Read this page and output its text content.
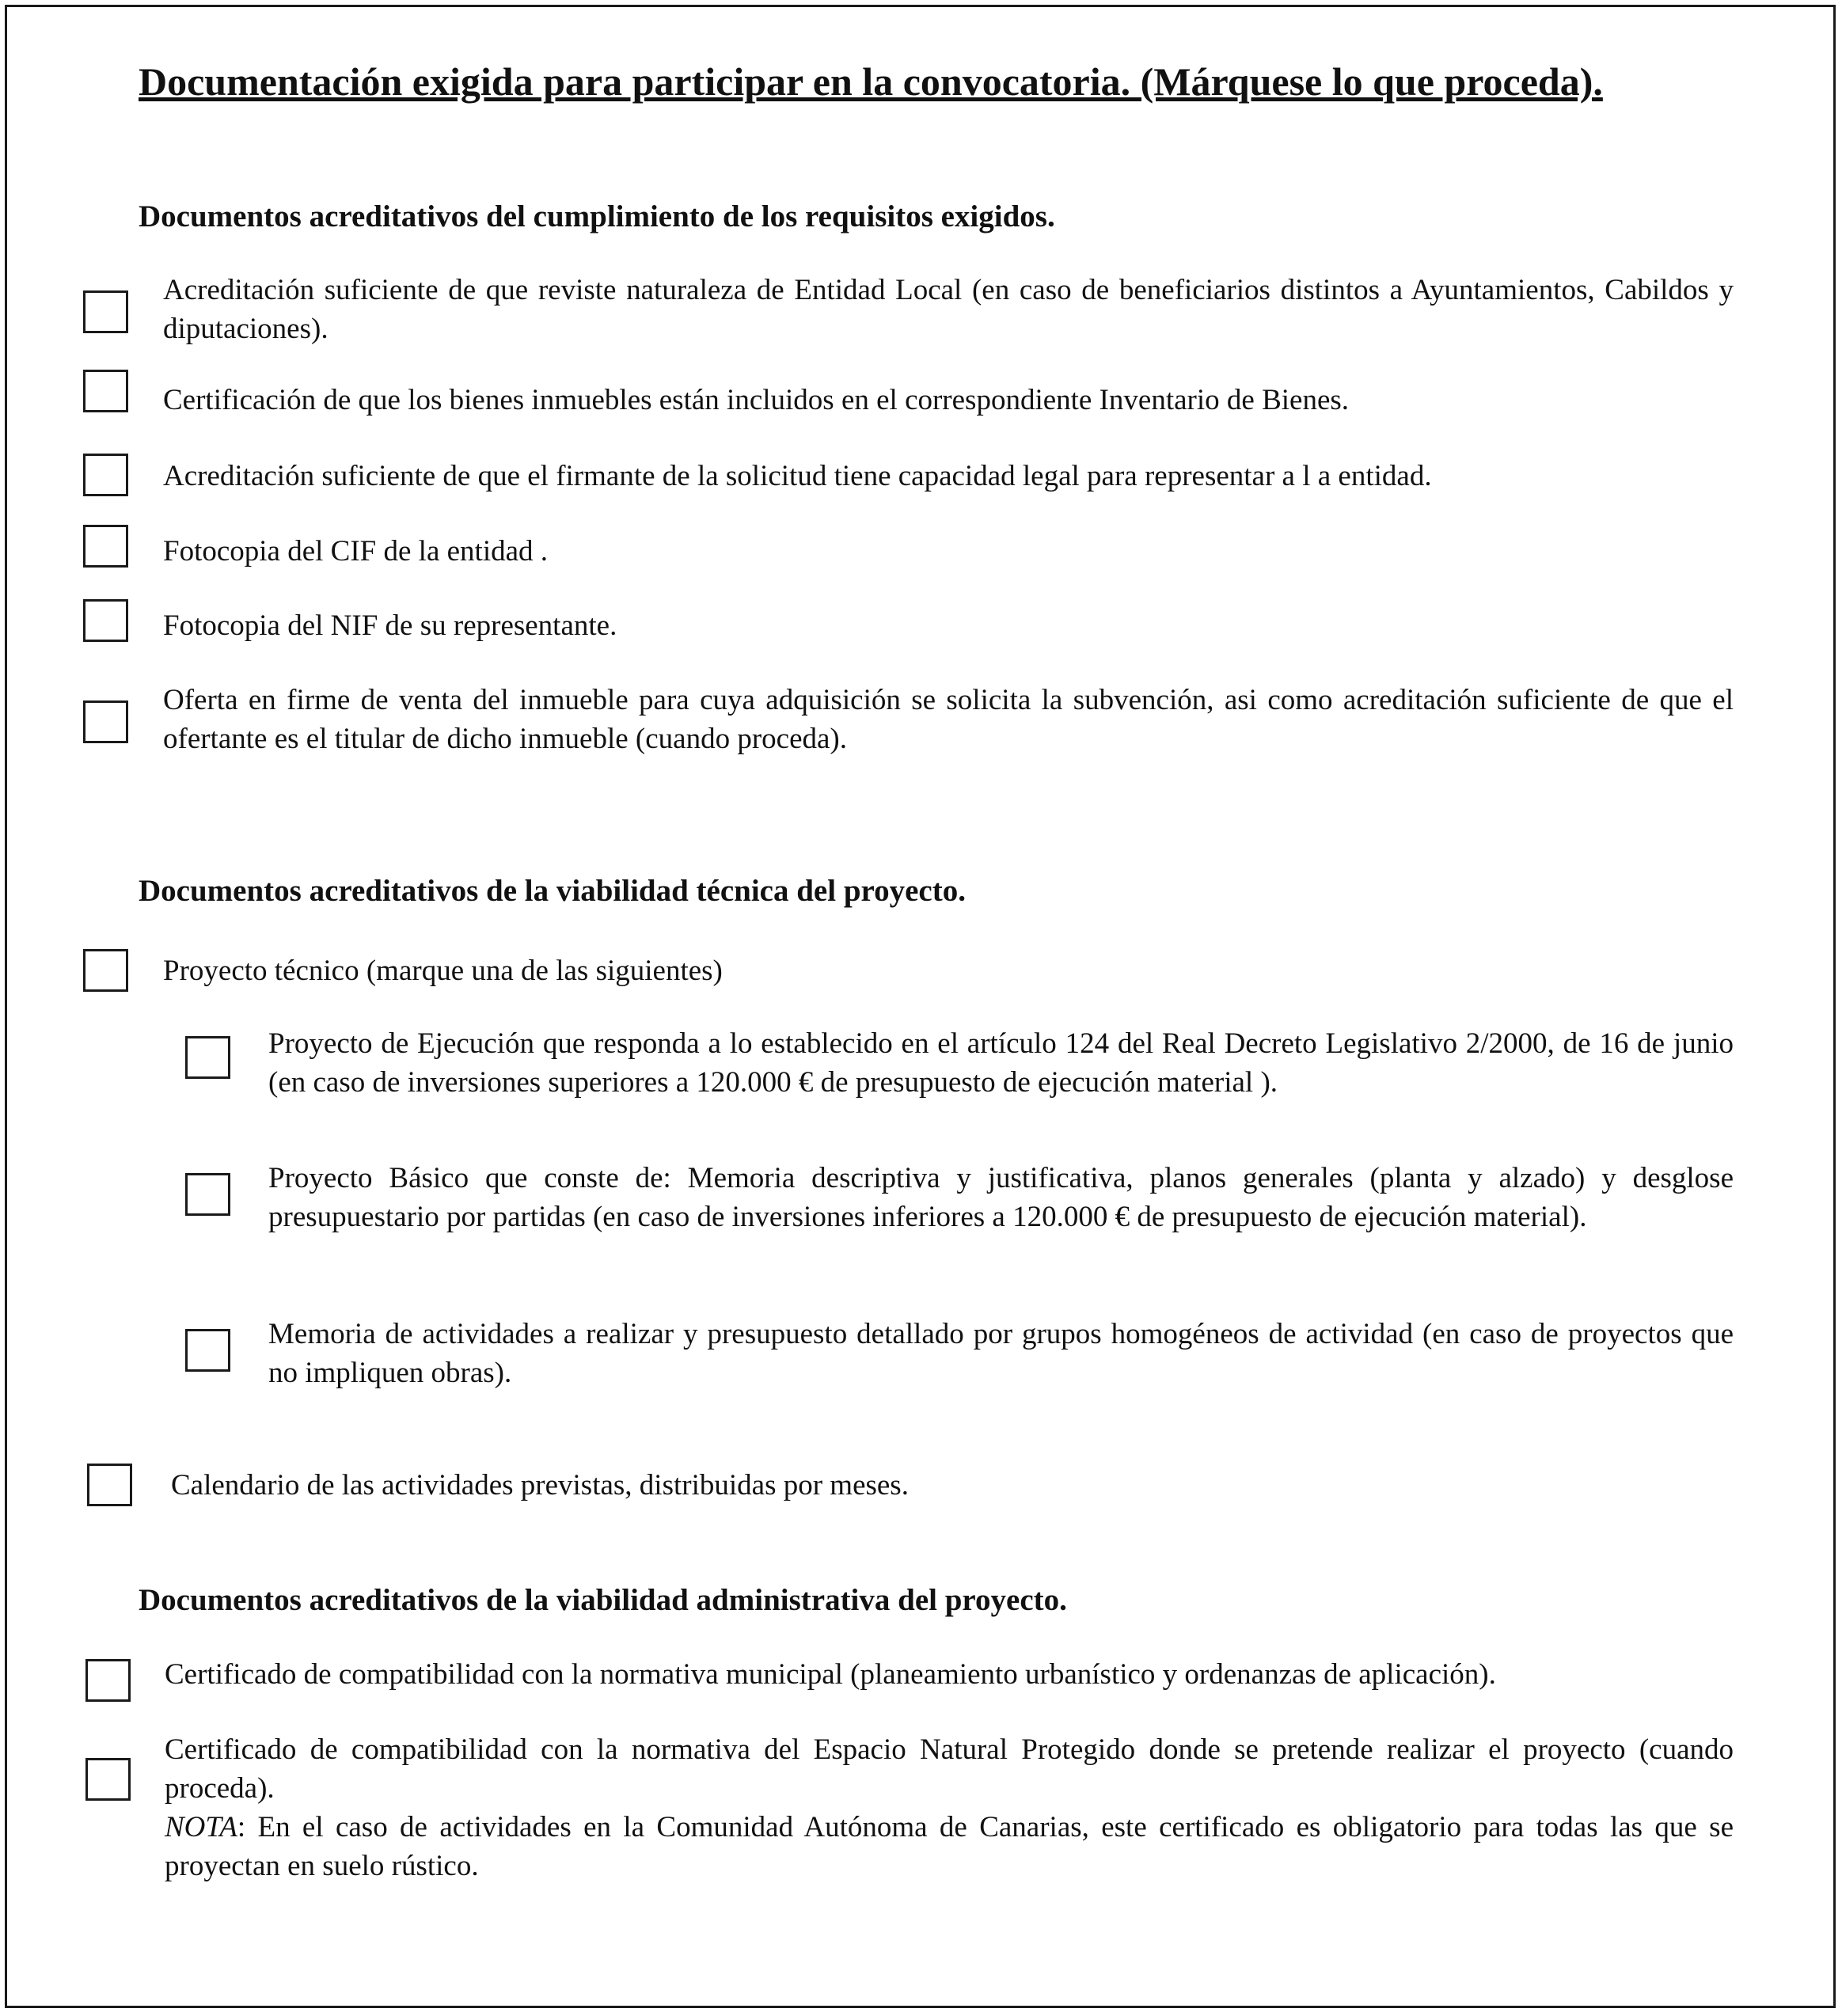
Documentación exigida para participar en la convocatoria. (Márquese lo que proceda).
Documentos acreditativos del cumplimiento de los requisitos exigidos.

Acreditación suficiente de que reviste naturaleza de Entidad Local (en caso de beneficiarios distintos a Ayuntamientos, Cabildos y diputaciones).

Certificación de que los bienes inmuebles están incluidos en el correspondiente Inventario de Bienes.

Acreditación suficiente de que el firmante de la solicitud tiene capacidad legal para representar a l a entidad.

Fotocopia del CIF de la entidad .

Fotocopia del NIF de su representante.

Oferta en firme de venta del inmueble para cuya adquisición se solicita la subvención, asi como acreditación suficiente de que el ofertante es el titular de dicho inmueble (cuando proceda).

Documentos acreditativos de la viabilidad técnica del proyecto.

Proyecto técnico (marque una de las siguientes)

Proyecto de Ejecución que responda a lo establecido en el artículo 124 del Real Decreto Legislativo 2/2000, de 16 de junio (en caso de inversiones superiores a 120.000 € de presupuesto de ejecución material ).

Proyecto Básico que conste de: Memoria descriptiva y justificativa, planos generales (planta y alzado) y desglose presupuestario por partidas (en caso de inversiones inferiores a 120.000 € de presupuesto de ejecución material).

Memoria de actividades a realizar y presupuesto detallado por grupos homogéneos de actividad (en caso de proyectos que no impliquen obras).

Calendario de las actividades previstas, distribuidas por meses.

Documentos acreditativos de la viabilidad administrativa del proyecto.

Certificado de compatibilidad con la normativa municipal (planeamiento urbanístico y ordenanzas de aplicación).

Certificado de compatibilidad con la normativa del Espacio Natural Protegido donde se pretende realizar el proyecto (cuando proceda).
NOTA: En el caso de actividades en la Comunidad Autónoma de Canarias, este certificado es obligatorio para todas las que se proyectan en suelo rústico.
